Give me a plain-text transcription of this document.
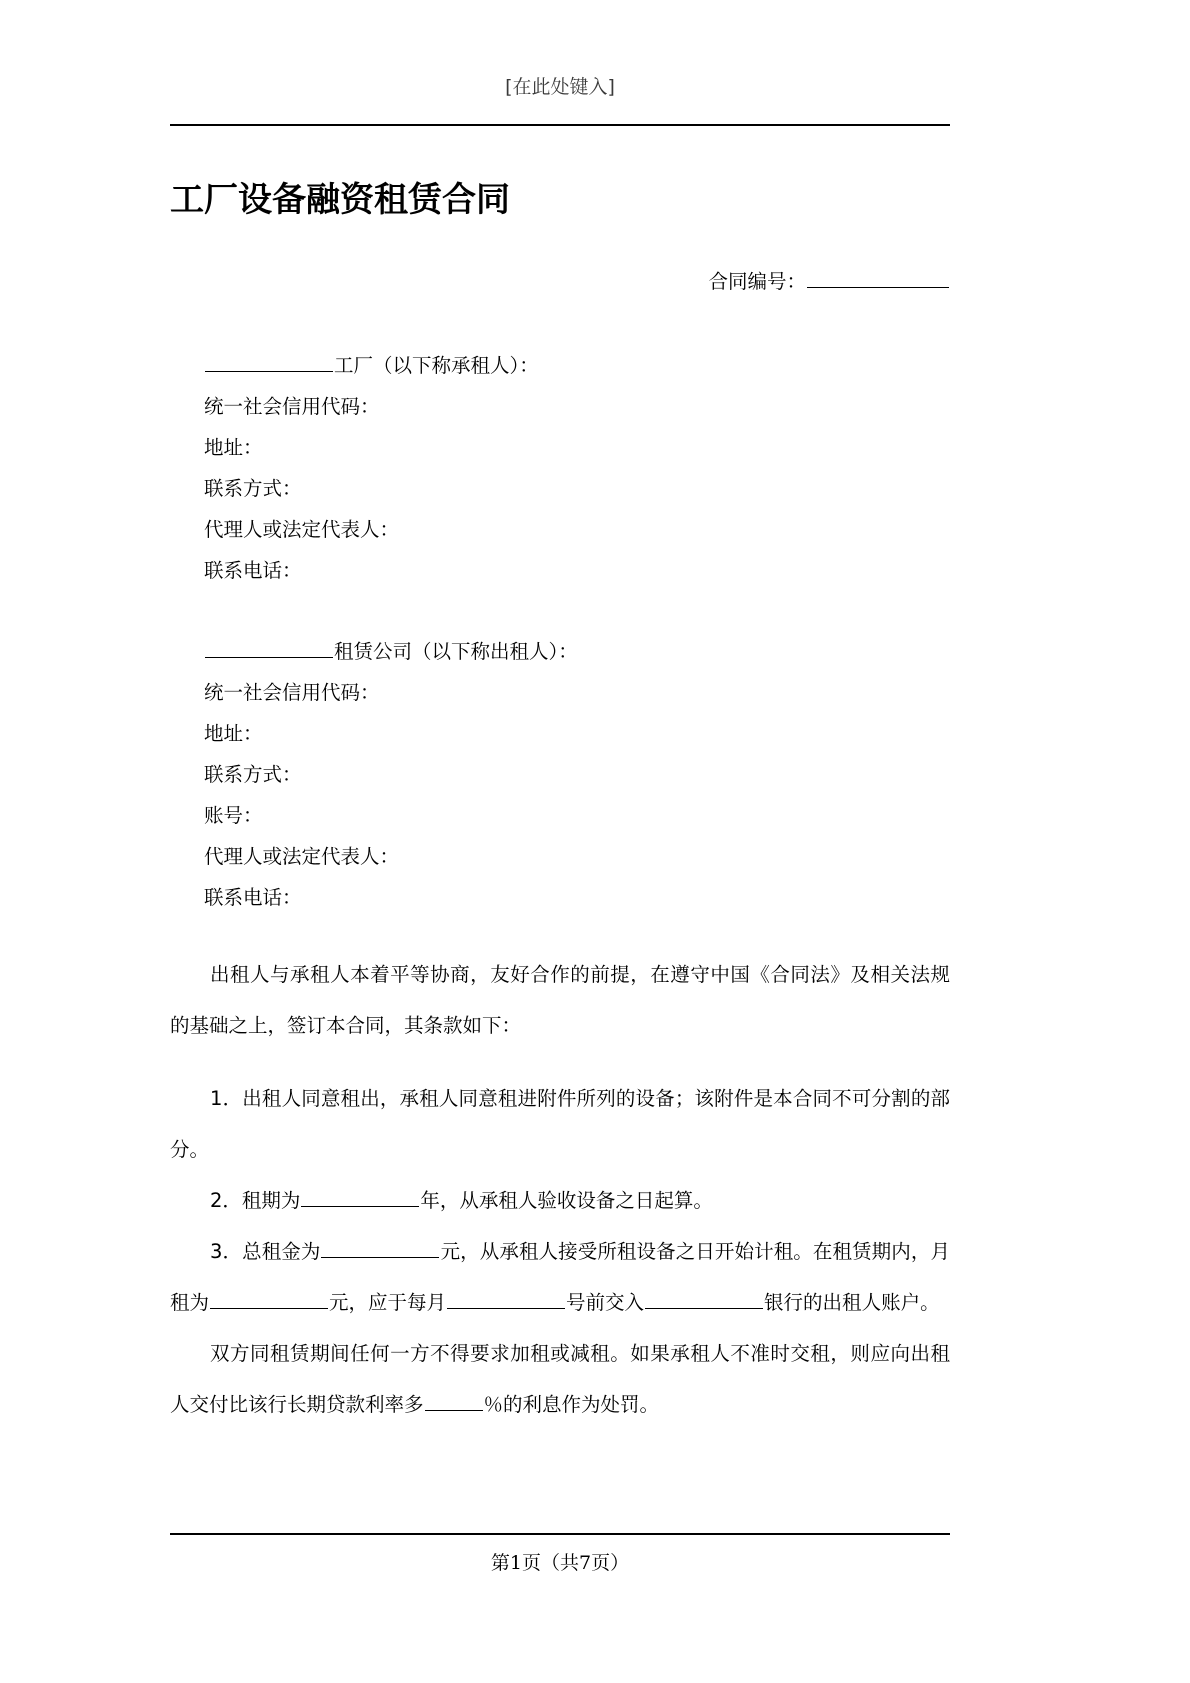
[在此处键入]
工厂设备融资租赁合同
合同编号：
工厂（以下称承租人）：
统一社会信用代码：
地址：
联系方式：
代理人或法定代表人：
联系电话：
租赁公司（以下称出租人）：
统一社会信用代码：
地址：
联系方式：
账号：
代理人或法定代表人：
联系电话：
出租人与承租人本着平等协商，友好合作的前提，在遵守中国《合同法》及相关法规的基础之上，签订本合同，其条款如下：
1．出租人同意租出，承租人同意租进附件所列的设备；该附件是本合同不可分割的部分。
2．租期为	年，从承租人验收设备之日起算。
3．总租金为	元，从承租人接受所租设备之日开始计租。在租赁期内，月租为	元，应于每月	号前交入	银行的出租人账户。
双方同租赁期间任何一方不得要求加租或减租。如果承租人不准时交租，则应向出租人交付比该行长期贷款利率多	％的利息作为处罚。
第1页（共7页）
